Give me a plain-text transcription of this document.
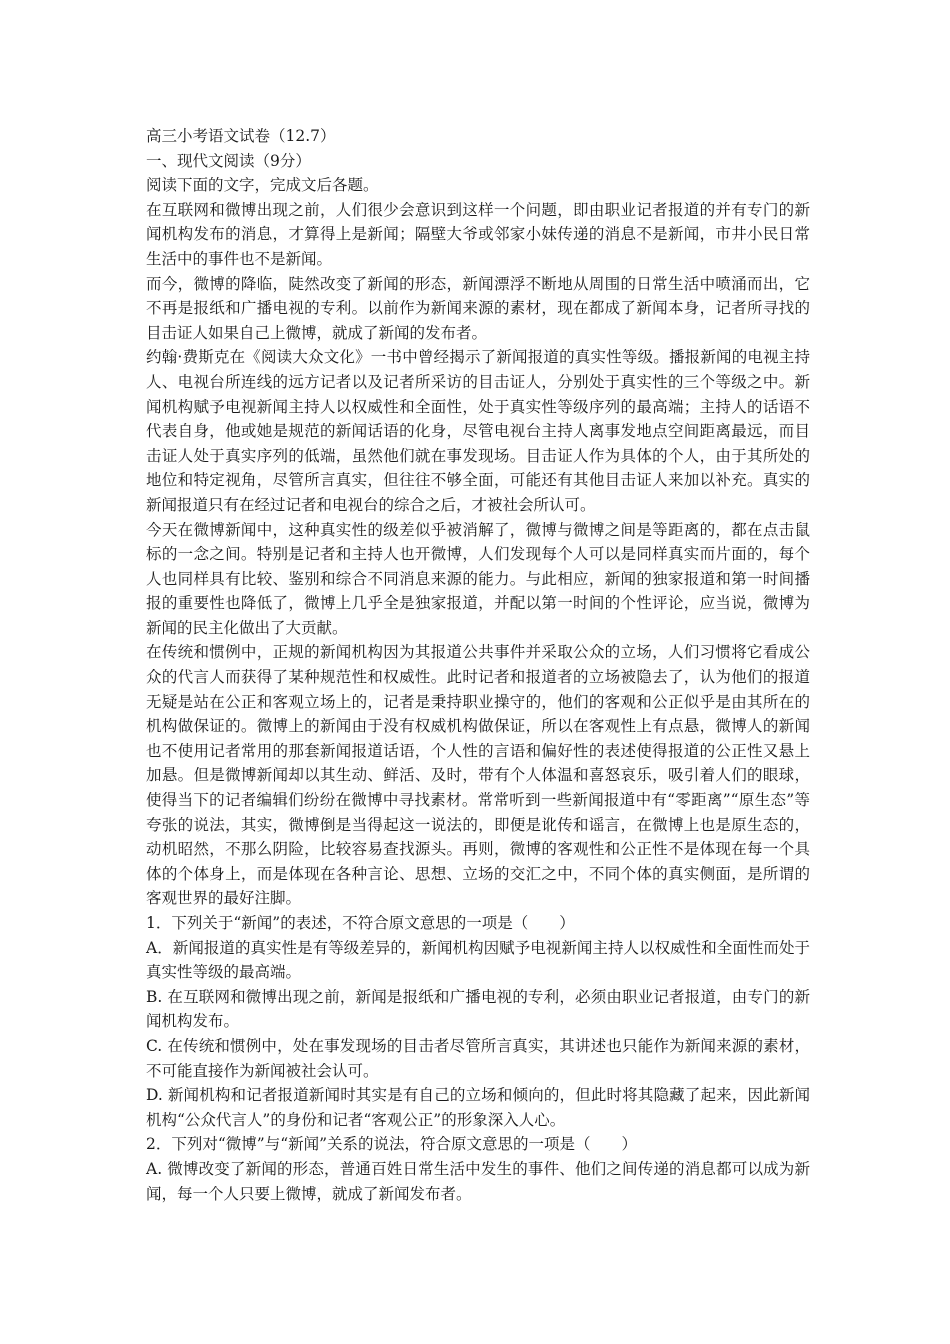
高三小考语文试卷（12.7）

一、现代文阅读（9分）

阅读下面的文字，完成文后各题。

在互联网和微博出现之前，人们很少会意识到这样一个问题，即由职业记者报道的并有专门的新闻机构发布的消息，才算得上是新闻；隔壁大爷或邻家小妹传递的消息不是新闻，市井小民日常生活中的事件也不是新闻。

而今，微博的降临，陡然改变了新闻的形态，新闻漂浮不断地从周围的日常生活中喷涌而出，它不再是报纸和广播电视的专利。以前作为新闻来源的素材，现在都成了新闻本身，记者所寻找的目击证人如果自己上微博，就成了新闻的发布者。

约翰·费斯克在《阅读大众文化》一书中曾经揭示了新闻报道的真实性等级。播报新闻的电视主持人、电视台所连线的远方记者以及记者所采访的目击证人，分别处于真实性的三个等级之中。新闻机构赋予电视新闻主持人以权威性和全面性，处于真实性等级序列的最高端；主持人的话语不代表自身，他或她是规范的新闻话语的化身，尽管电视台主持人离事发地点空间距离最远，而目击证人处于真实序列的低端，虽然他们就在事发现场。目击证人作为具体的个人，由于其所处的地位和特定视角，尽管所言真实，但往往不够全面，可能还有其他目击证人来加以补充。真实的新闻报道只有在经过记者和电视台的综合之后，才被社会所认可。

今天在微博新闻中，这种真实性的级差似乎被消解了，微博与微博之间是等距离的，都在点击鼠标的一念之间。特别是记者和主持人也开微博，人们发现每个人可以是同样真实而片面的，每个人也同样具有比较、鉴别和综合不同消息来源的能力。与此相应，新闻的独家报道和第一时间播报的重要性也降低了，微博上几乎全是独家报道，并配以第一时间的个性评论，应当说，微博为新闻的民主化做出了大贡献。

在传统和惯例中，正规的新闻机构因为其报道公共事件并采取公众的立场，人们习惯将它看成公众的代言人而获得了某种规范性和权威性。此时记者和报道者的立场被隐去了，认为他们的报道无疑是站在公正和客观立场上的，记者是秉持职业操守的，他们的客观和公正似乎是由其所在的机构做保证的。微博上的新闻由于没有权威机构做保证，所以在客观性上有点悬，微博人的新闻也不使用记者常用的那套新闻报道话语，个人性的言语和偏好性的表述使得报道的公正性又悬上加悬。但是微博新闻却以其生动、鲜活、及时，带有个人体温和喜怒哀乐，吸引着人们的眼球，使得当下的记者编辑们纷纷在微博中寻找素材。常常听到一些新闻报道中有“零距离”“原生态”等夸张的说法，其实，微博倒是当得起这一说法的，即便是讹传和谣言，在微博上也是原生态的，动机昭然，不那么阴险，比较容易查找源头。再则，微博的客观性和公正性不是体现在每一个具体的个体身上，而是体现在各种言论、思想、立场的交汇之中，不同个体的真实侧面，是所谓的客观世界的最好注脚。

1．下列关于“新闻”的表述，不符合原文意思的一项是（　　）

A．新闻报道的真实性是有等级差异的，新闻机构因赋予电视新闻主持人以权威性和全面性而处于真实性等级的最高端。

B. 在互联网和微博出现之前，新闻是报纸和广播电视的专利，必须由职业记者报道，由专门的新闻机构发布。

C. 在传统和惯例中，处在事发现场的目击者尽管所言真实，其讲述也只能作为新闻来源的素材，不可能直接作为新闻被社会认可。

D. 新闻机构和记者报道新闻时其实是有自己的立场和倾向的，但此时将其隐藏了起来，因此新闻机构“公众代言人”的身份和记者“客观公正”的形象深入人心。

2．下列对“微博”与“新闻”关系的说法，符合原文意思的一项是（　　）

A. 微博改变了新闻的形态，普通百姓日常生活中发生的事件、他们之间传递的消息都可以成为新闻，每一个人只要上微博，就成了新闻发布者。
